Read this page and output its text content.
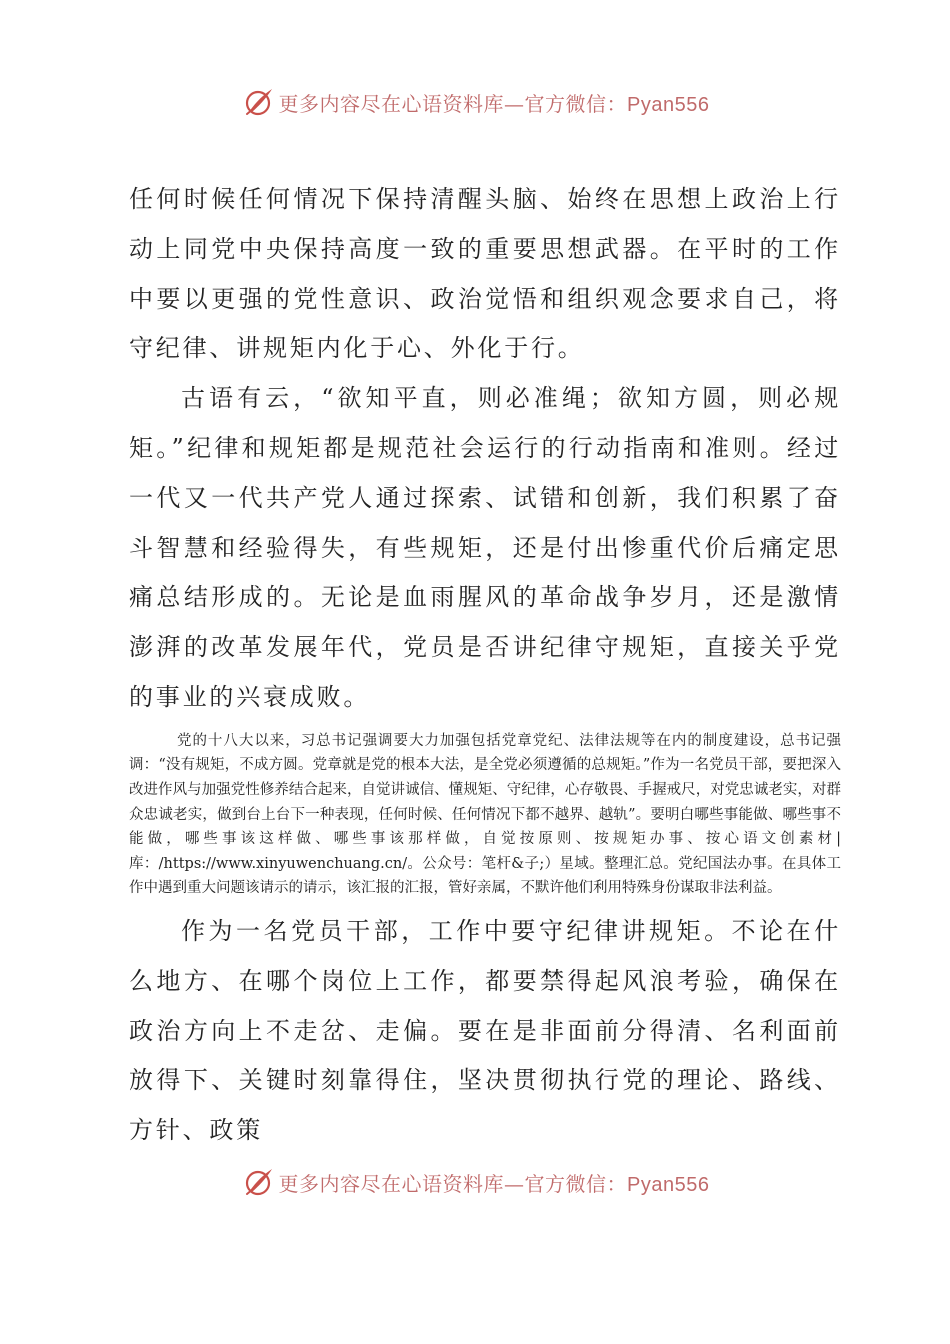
更多内容尽在心语资料库—官方微信：Pyan556

任何时候任何情况下保持清醒头脑、始终在思想上政治上行动上同党中央保持高度一致的重要思想武器。在平时的工作中要以更强的党性意识、政治觉悟和组织观念要求自己，将守纪律、讲规矩内化于心、外化于行。

古语有云，“欲知平直，则必准绳；欲知方圆，则必规矩。”纪律和规矩都是规范社会运行的行动指南和准则。经过一代又一代共产党人通过探索、试错和创新，我们积累了奋斗智慧和经验得失，有些规矩，还是付出惨重代价后痛定思痛总结形成的。无论是血雨腥风的革命战争岁月，还是激情澎湃的改革发展年代，党员是否讲纪律守规矩，直接关乎党的事业的兴衰成败。

党的十八大以来，习总书记强调要大力加强包括党章党纪、法律法规等在内的制度建设，总书记强调：“没有规矩，不成方圆。党章就是党的根本大法，是全党必须遵循的总规矩。”作为一名党员干部，要把深入改进作风与加强党性修养结合起来，自觉讲诚信、懂规矩、守纪律，心存敬畏、手握戒尺，对党忠诚老实，对群众忠诚老实，做到台上台下一种表现，任何时候、任何情况下都不越界、越轨”。要明白哪些事能做、哪些事不能做，哪些事该这样做、哪些事该那样做，自觉按原则、按规矩办事、按心语文创素材|库：/https://www.xinyuwenchuang.cn/。公众号：笔杆&子;）星域。整理汇总。党纪国法办事。在具体工作中遇到重大问题该请示的请示，该汇报的汇报，管好亲属，不默许他们利用特殊身份谋取非法利益。

作为一名党员干部，工作中要守纪律讲规矩。不论在什么地方、在哪个岗位上工作，都要禁得起风浪考验，确保在政治方向上不走岔、走偏。要在是非面前分得清、名利面前放得下、关键时刻靠得住，坚决贯彻执行党的理论、路线、方针、政策

更多内容尽在心语资料库—官方微信：Pyan556
